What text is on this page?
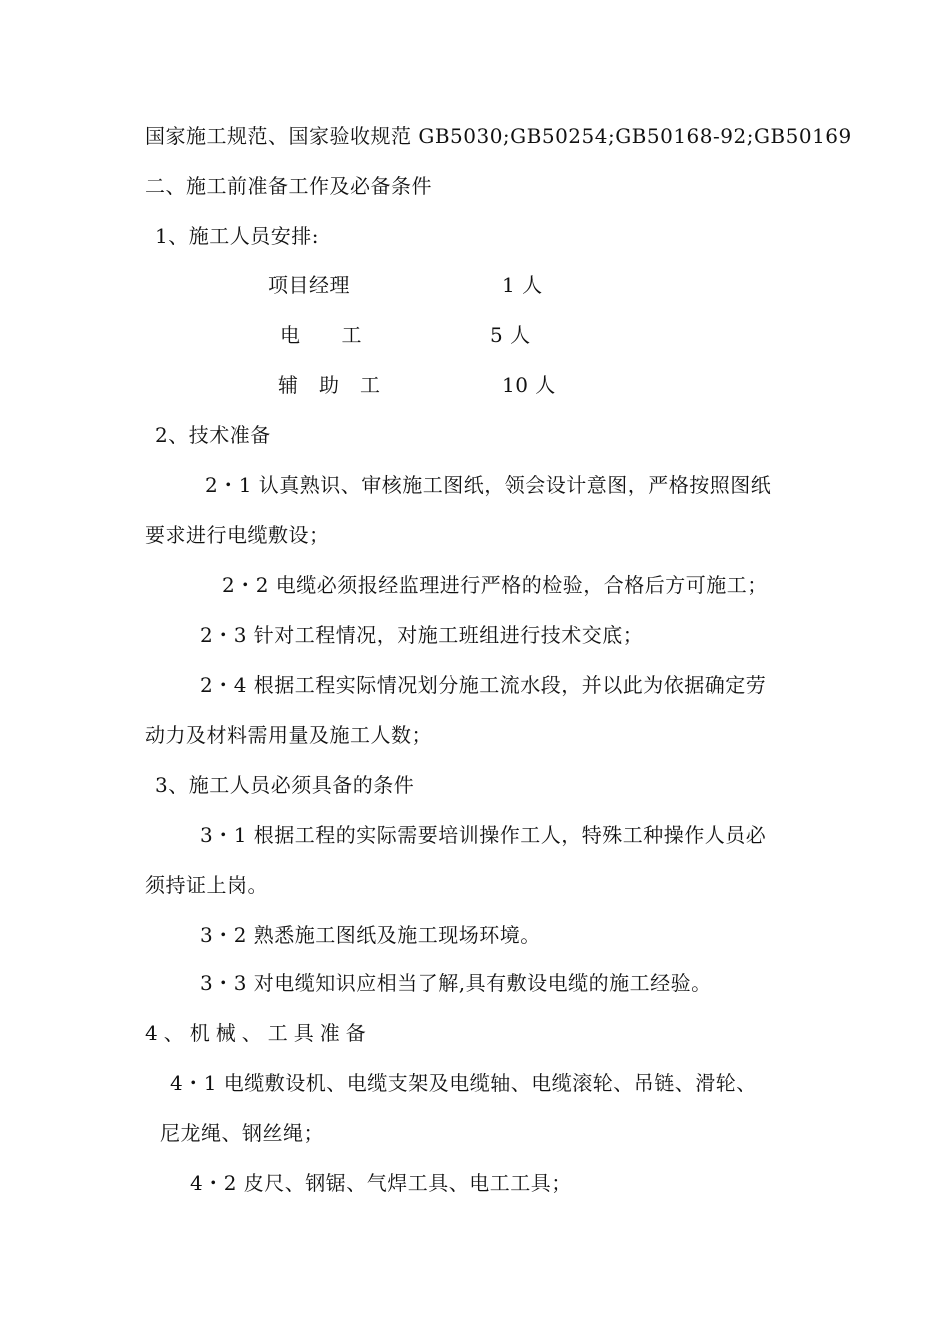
国家施工规范、国家验收规范 GB5030;GB50254;GB50168-92;GB50169
二、施工前准备工作及必备条件
1、施工人员安排:
项目经理	1 人
电　　工	5 人
辅　助　工	10 人
2、技术准备
2・1 认真熟识、审核施工图纸，领会设计意图，严格按照图纸
要求进行电缆敷设；
2・2 电缆必须报经监理进行严格的检验，合格后方可施工；
2・3 针对工程情况，对施工班组进行技术交底；
2・4 根据工程实际情况划分施工流水段，并以此为依据确定劳
动力及材料需用量及施工人数；
3、施工人员必须具备的条件
3・1 根据工程的实际需要培训操作工人，特殊工种操作人员必
须持证上岗。
3・2 熟悉施工图纸及施工现场环境。
3・3 对电缆知识应相当了解,具有敷设电缆的施工经验。
4、机械、工具准备
4・1 电缆敷设机、电缆支架及电缆轴、电缆滚轮、吊链、滑轮、
尼龙绳、钢丝绳；
4・2 皮尺、钢锯、气焊工具、电工工具；
